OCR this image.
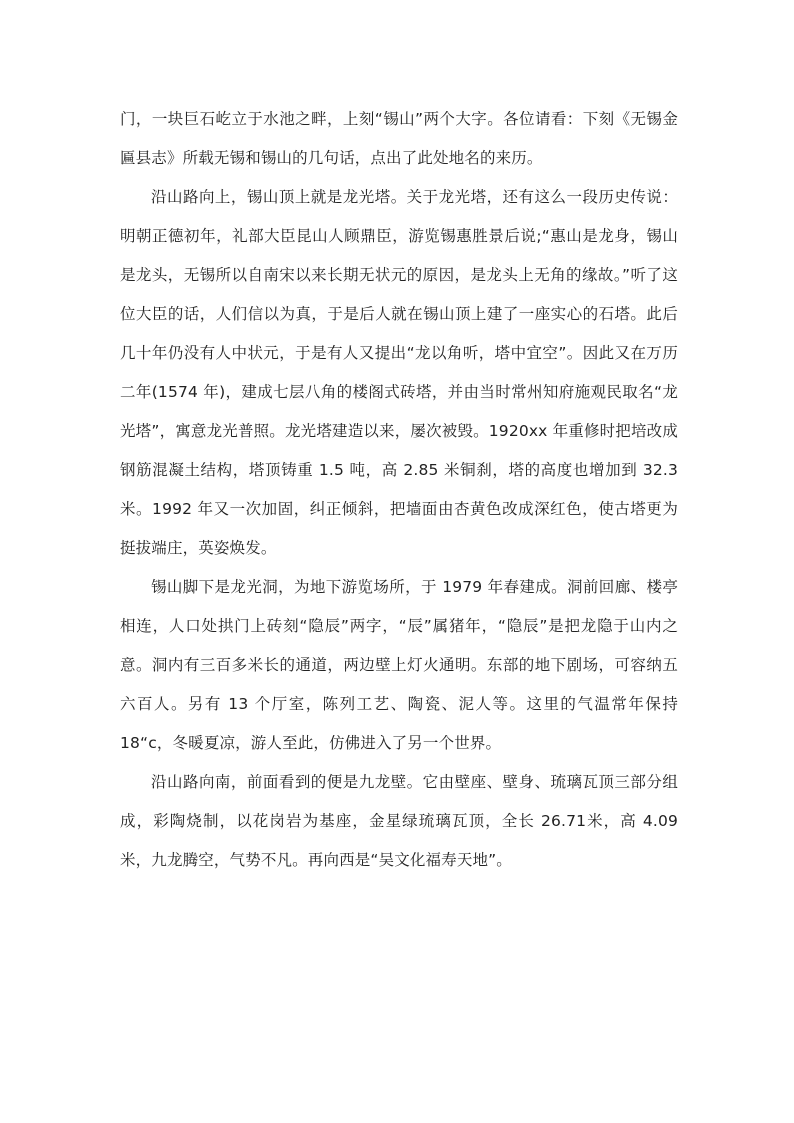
门，一块巨石屹立于水池之畔，上刻“锡山”两个大字。各位请看：下刻《无锡金匾县志》所载无锡和锡山的几句话，点出了此处地名的来历。

沿山路向上，锡山顶上就是龙光塔。关于龙光塔，还有这么一段历史传说：明朝正德初年，礼部大臣昆山人顾鼎臣，游览锡惠胜景后说;“惠山是龙身，锡山是龙头，无锡所以自南宋以来长期无状元的原因，是龙头上无角的缘故。”听了这位大臣的话，人们信以为真，于是后人就在锡山顶上建了一座实心的石塔。此后几十年仍没有人中状元，于是有人又提出“龙以角听，塔中宜空”。因此又在万历二年(1574 年)，建成七层八角的楼阁式砖塔，并由当时常州知府施观民取名“龙光塔”，寓意龙光普照。龙光塔建造以来，屡次被毁。1920xx 年重修时把培改成钢筋混凝土结构，塔顶铸重 1.5 吨，高 2.85 米铜刹，塔的高度也增加到 32.3 米。1992 年又一次加固，纠正倾斜，把墙面由杏黄色改成深红色，使古塔更为挺拔端庄，英姿焕发。

锡山脚下是龙光洞，为地下游览场所，于 1979 年春建成。洞前回廊、楼亭相连，人口处拱门上砖刻“隐辰”两字，“辰”属猪年，“隐辰”是把龙隐于山内之意。洞内有三百多米长的通道，两边壁上灯火通明。东部的地下剧场，可容纳五六百人。另有 13 个厅室，陈列工艺、陶瓷、泥人等。这里的气温常年保持 18“c，冬暖夏凉，游人至此，仿佛进入了另一个世界。

沿山路向南，前面看到的便是九龙壁。它由壁座、壁身、琉璃瓦顶三部分组成，彩陶烧制，以花岗岩为基座，金星绿琉璃瓦顶，全长 26.71米，高 4.09 米，九龙腾空，气势不凡。再向西是“吴文化福寿天地”。
